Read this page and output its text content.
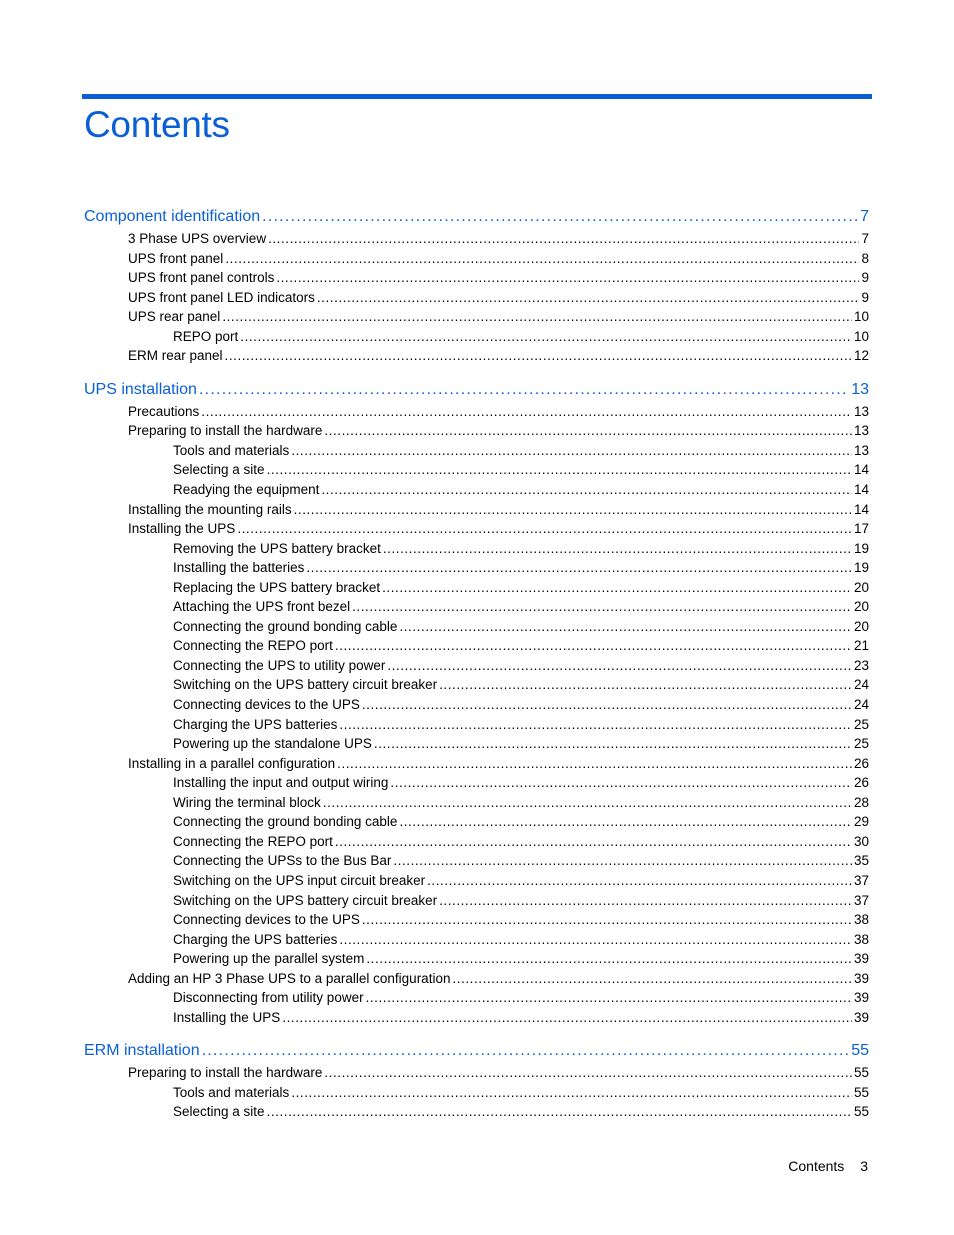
Contents
Component identification . . .	7
3 Phase UPS overview . . .	7
UPS front panel . . .	8
UPS front panel controls . . .	9
UPS front panel LED indicators . . .	9
UPS rear panel . . .	10
REPO port . . .	10
ERM rear panel . . .	12
UPS installation . . .	13
Precautions . . .	13
Preparing to install the hardware . . .	13
Tools and materials . . .	13
Selecting a site . . .	14
Readying the equipment . . .	14
Installing the mounting rails . . .	14
Installing the UPS . . .	17
Removing the UPS battery bracket . . .	19
Installing the batteries . . .	19
Replacing the UPS battery bracket . . .	20
Attaching the UPS front bezel . . .	20
Connecting the ground bonding cable . . .	20
Connecting the REPO port . . .	21
Connecting the UPS to utility power . . .	23
Switching on the UPS battery circuit breaker . . .	24
Connecting devices to the UPS . . .	24
Charging the UPS batteries . . .	25
Powering up the standalone UPS . . .	25
Installing in a parallel configuration . . .	26
Installing the input and output wiring . . .	26
Wiring the terminal block . . .	28
Connecting the ground bonding cable . . .	29
Connecting the REPO port . . .	30
Connecting the UPSs to the Bus Bar . . .	35
Switching on the UPS input circuit breaker . . .	37
Switching on the UPS battery circuit breaker . . .	37
Connecting devices to the UPS . . .	38
Charging the UPS batteries . . .	38
Powering up the parallel system . . .	39
Adding an HP 3 Phase UPS to a parallel configuration . . .	39
Disconnecting from utility power . . .	39
Installing the UPS . . .	39
ERM installation . . .	55
Preparing to install the hardware . . .	55
Tools and materials . . .	55
Selecting a site . . .	55
Contents 3
